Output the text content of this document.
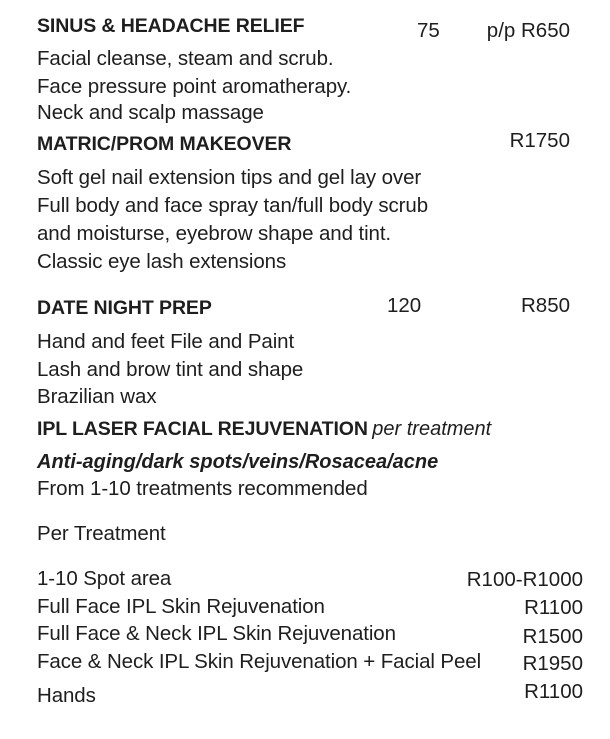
SINUS & HEADACHE RELIEF	75 p/p R650
Facial cleanse, steam and scrub.
Face pressure point aromatherapy.
Neck and scalp massage
MATRIC/PROM MAKEOVER	R1750
Soft gel nail extension tips and gel lay over
Full body and face spray tan/full body scrub
and moisturse, eyebrow shape and tint.
Classic eye lash extensions
DATE NIGHT PREP	120	R850
Hand and feet File and Paint
Lash and brow tint and shape
Brazilian wax
IPL LASER FACIAL REJUVENATION per treatment
Anti-aging/dark spots/veins/Rosacea/acne
From 1-10 treatments recommended
Per Treatment
1-10 Spot area	R100-R1000
Full Face IPL Skin Rejuvenation	R1100
Full Face & Neck IPL Skin Rejuvenation	R1500
Face & Neck IPL Skin Rejuvenation + Facial Peel R1950
Hands	R1100
